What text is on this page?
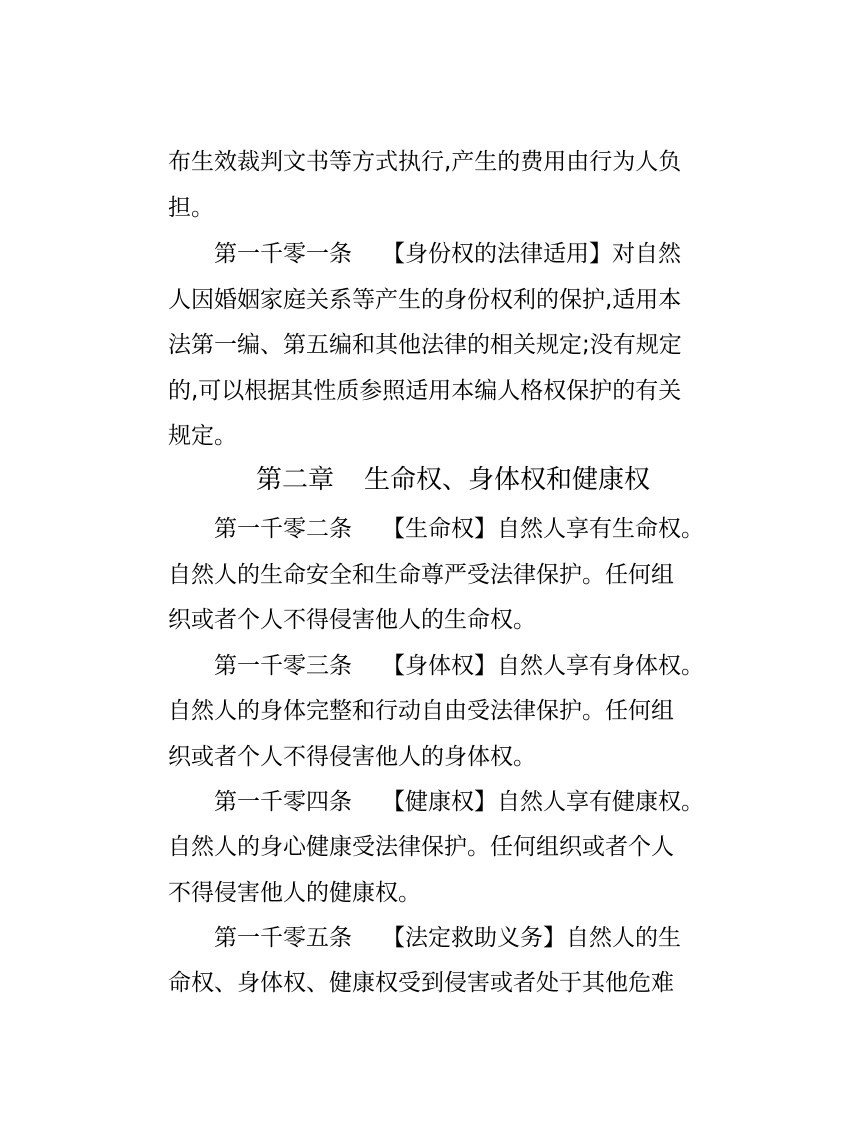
布生效裁判文书等方式执行,产生的费用由行为人负
担。
第一千零一条 【身份权的法律适用】对自然
人因婚姻家庭关系等产生的身份权利的保护,适用本
法第一编、第五编和其他法律的相关规定;没有规定
的,可以根据其性质参照适用本编人格权保护的有关
规定。
第二章 生命权、身体权和健康权
第一千零二条 【生命权】自然人享有生命权。
自然人的生命安全和生命尊严受法律保护。任何组
织或者个人不得侵害他人的生命权。
第一千零三条 【身体权】自然人享有身体权。
自然人的身体完整和行动自由受法律保护。任何组
织或者个人不得侵害他人的身体权。
第一千零四条 【健康权】自然人享有健康权。
自然人的身心健康受法律保护。任何组织或者个人
不得侵害他人的健康权。
第一千零五条 【法定救助义务】自然人的生
命权、身体权、健康权受到侵害或者处于其他危难
